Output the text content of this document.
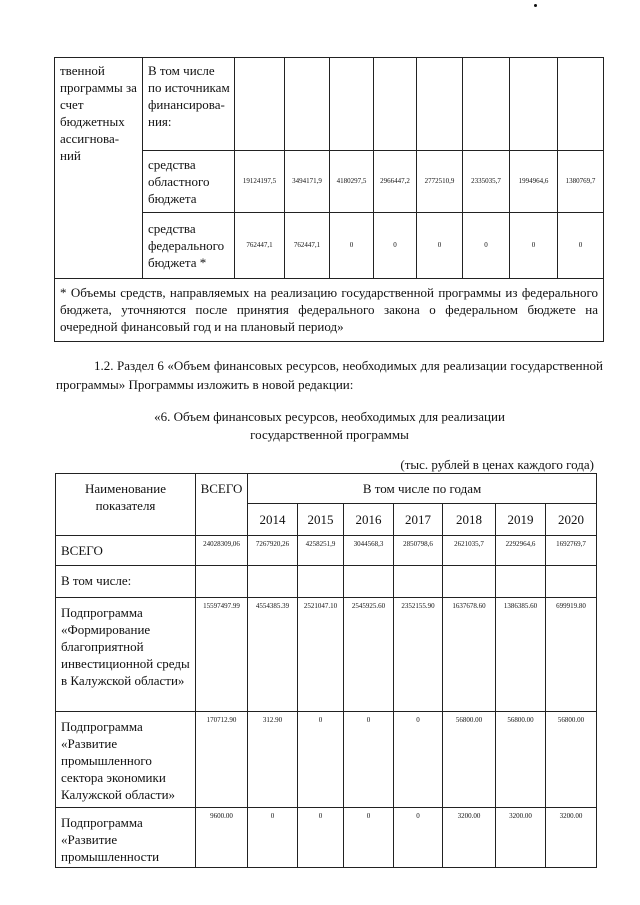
твенной программы за счет бюджетных ассигнова-ний	В том числе по источникам финансирова-ния:								
	средства областного бюджета	19124197,5	3494171,9	4180297,5	2966447,2	2772510,9	2335035,7	1994964,6	1380769,7
	средства федерального бюджета *	762447,1	762447,1	0	0	0	0	0	0
* Объемы средств, направляемых на реализацию государственной программы из федерального бюджета, уточняются после принятия федерального закона о федеральном бюджете на очередной финансовый год и на плановый период»									

1.2. Раздел 6 «Объем финансовых ресурсов, необходимых для реализации государственной программы» Программы изложить в новой редакции:

«6. Объем финансовых ресурсов, необходимых для реализации
государственной программы

(тыс. рублей в ценах каждого года)

Наименование показателя	ВСЕГО	В том числе по годам						
		2014	2015	2016	2017	2018	2019	2020
ВСЕГО	24028309,06	7267920,26	4258251,9	3044568,3	2850798,6	2621035,7	2292964,6	1692769,7
В том числе:								
Подпрограмма «Формирование благоприятной инвестиционной среды в Калужской области»	15597497.99	4554385.39	2521047.10	2545925.60	2352155.90	1637678.60	1386385.60	699919.80
Подпрограмма «Развитие промышленного сектора экономики Калужской области»	170712.90	312.90	0	0	0	56800.00	56800.00	56800.00
Подпрограмма «Развитие промышленности	9600.00	0	0	0	0	3200.00	3200.00	3200.00
